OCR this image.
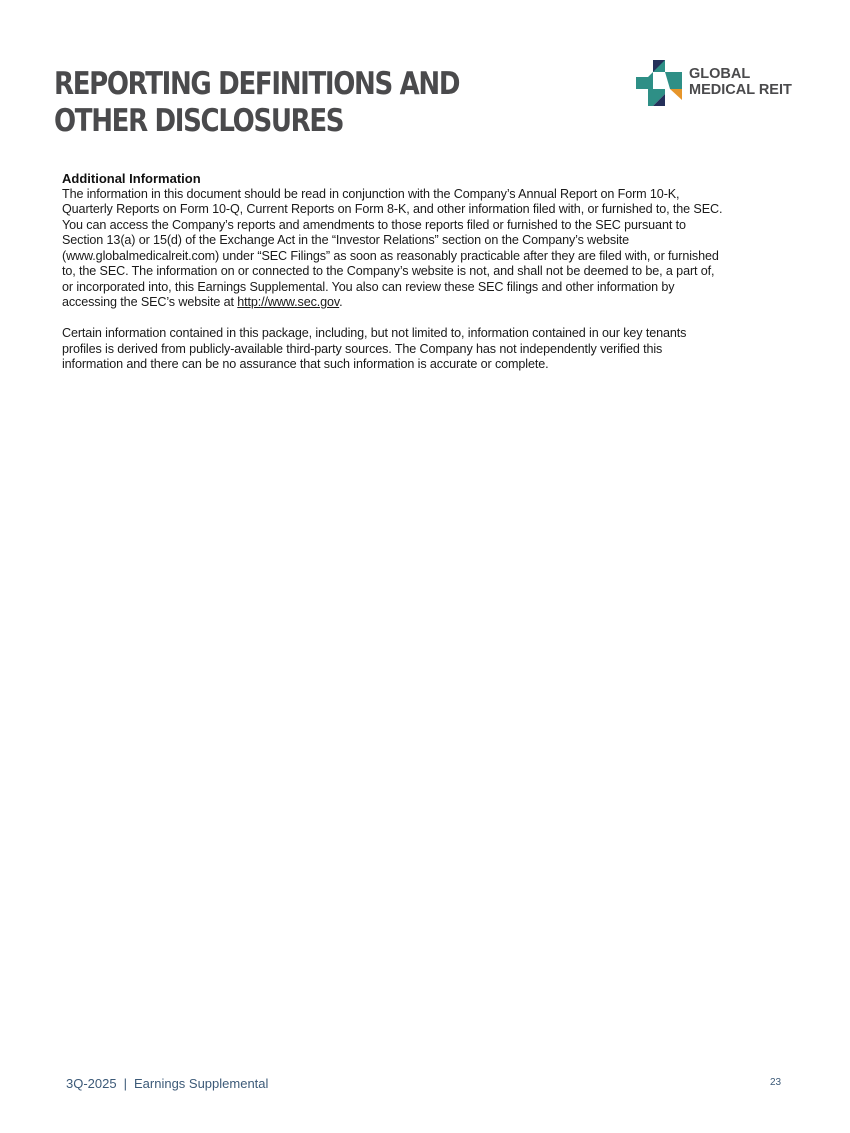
REPORTING DEFINITIONS AND
OTHER DISCLOSURES
GLOBAL
MEDICAL REIT
Additional Information

The information in this document should be read in conjunction with the Company’s Annual Report on Form 10-K,
Quarterly Reports on Form 10-Q, Current Reports on Form 8-K, and other information filed with, or furnished to, the SEC.
You can access the Company’s reports and amendments to those reports filed or furnished to the SEC pursuant to
Section 13(a) or 15(d) of the Exchange Act in the “Investor Relations” section on the Company’s website
(www.globalmedicalreit.com) under “SEC Filings” as soon as reasonably practicable after they are filed with, or furnished
to, the SEC. The information on or connected to the Company’s website is not, and shall not be deemed to be, a part of,
or incorporated into, this Earnings Supplemental. You also can review these SEC filings and other information by
accessing the SEC’s website at http://www.sec.gov.

Certain information contained in this package, including, but not limited to, information contained in our key tenants
profiles is derived from publicly-available third-party sources. The Company has not independently verified this
information and there can be no assurance that such information is accurate or complete.

3Q-2025 | Earnings Supplemental	23
